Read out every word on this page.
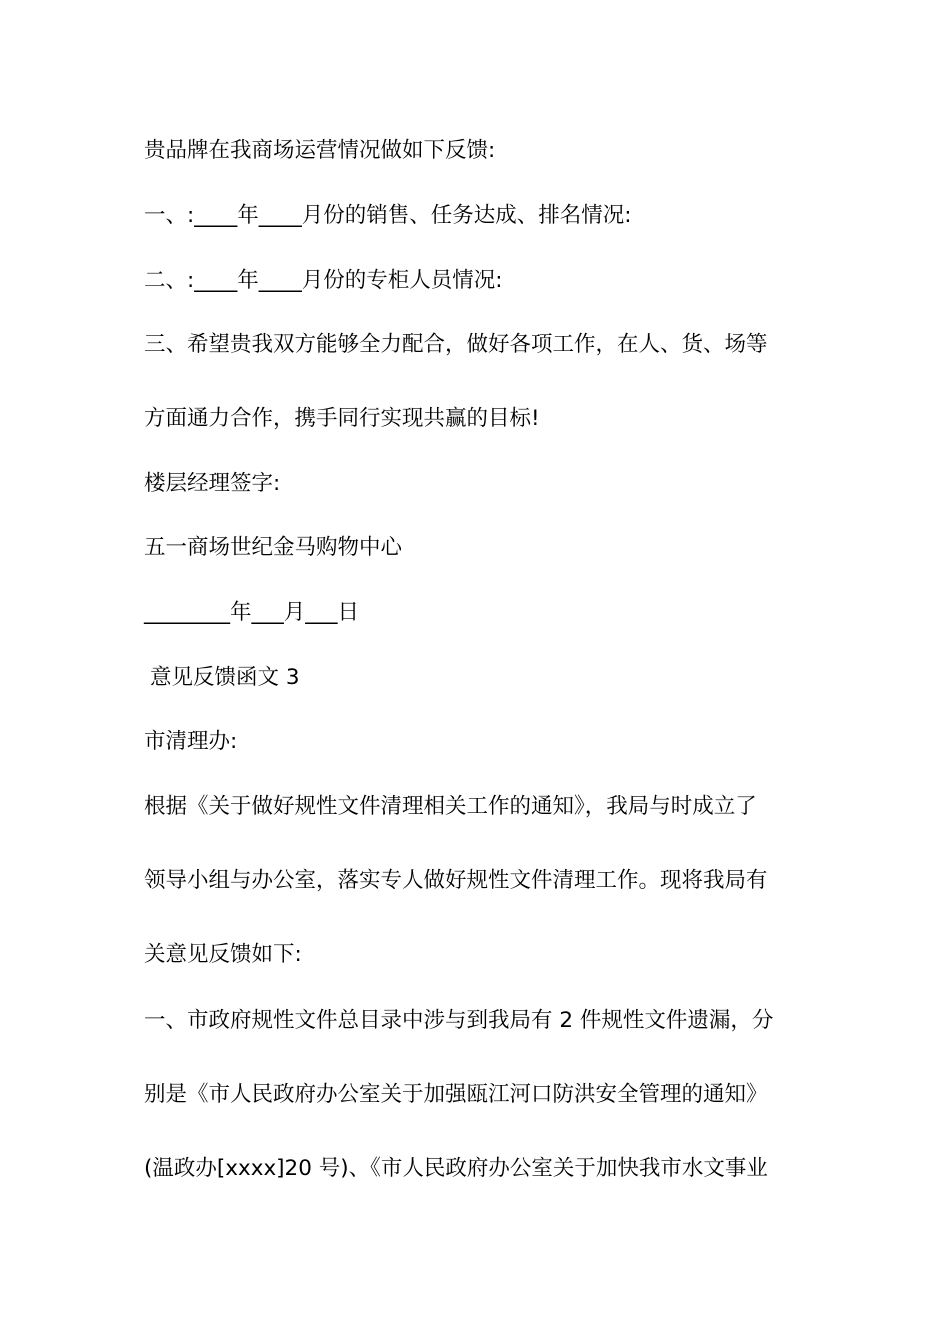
贵品牌在我商场运营情况做如下反馈:
一、:____年____月份的销售、任务达成、排名情况:
二、:____年____月份的专柜人员情况:
三、希望贵我双方能够全力配合，做好各项工作，在人、货、场等
方面通力合作，携手同行实现共赢的目标!
楼层经理签字:
五一商场世纪金马购物中心
________年___月___日
意见反馈函文 3
市清理办:
根据《关于做好规性文件清理相关工作的通知》，我局与时成立了
领导小组与办公室，落实专人做好规性文件清理工作。现将我局有
关意见反馈如下:
一、市政府规性文件总目录中涉与到我局有 2 件规性文件遗漏，分
别是《市人民政府办公室关于加强瓯江河口防洪安全管理的通知》
(温政办[xxxx]20 号)、《市人民政府办公室关于加快我市水文事业
